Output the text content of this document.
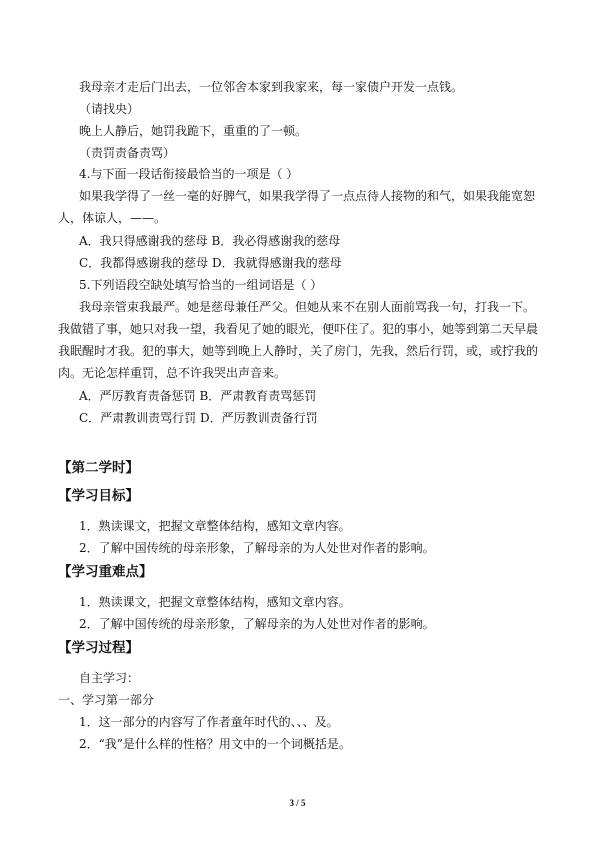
我母亲才走后门出去，一位邻舍本家到我家来，每一家债户开发一点钱。
（请找央）
晚上人静后，她罚我跪下，重重的了一顿。
（责罚责备责骂）
4.与下面一段话衔接最恰当的一项是（ ）
如果我学得了一丝一毫的好脾气，如果我学得了一点点待人接物的和气，如果我能宽恕
人，体谅人，——。
A．我只得感谢我的慈母 B．我必得感谢我的慈母
C．我都得感谢我的慈母 D．我就得感谢我的慈母
5.下列语段空缺处填写恰当的一组词语是（ ）
我母亲管束我最严。她是慈母兼任严父。但她从来不在别人面前骂我一句，打我一下。
我做错了事，她只对我一望，我看见了她的眼光，便吓住了。犯的事小，她等到第二天早晨
我眠醒时才我。犯的事大，她等到晚上人静时，关了房门，先我，然后行罚，或，或拧我的
肉。无论怎样重罚，总不许我哭出声音来。
A．严厉教育责备惩罚 B．严肃教育责骂惩罚
C．严肃教训责骂行罚 D．严厉教训责备行罚
【第二学时】
【学习目标】
1．熟读课文，把握文章整体结构，感知文章内容。
2．了解中国传统的母亲形象，了解母亲的为人处世对作者的影响。
【学习重难点】
1．熟读课文，把握文章整体结构，感知文章内容。
2．了解中国传统的母亲形象，了解母亲的为人处世对作者的影响。
【学习过程】
自主学习：
一、学习第一部分
1．这一部分的内容写了作者童年时代的、、、及。
2．“我”是什么样的性格？用文中的一个词概括是。
3 / 5
